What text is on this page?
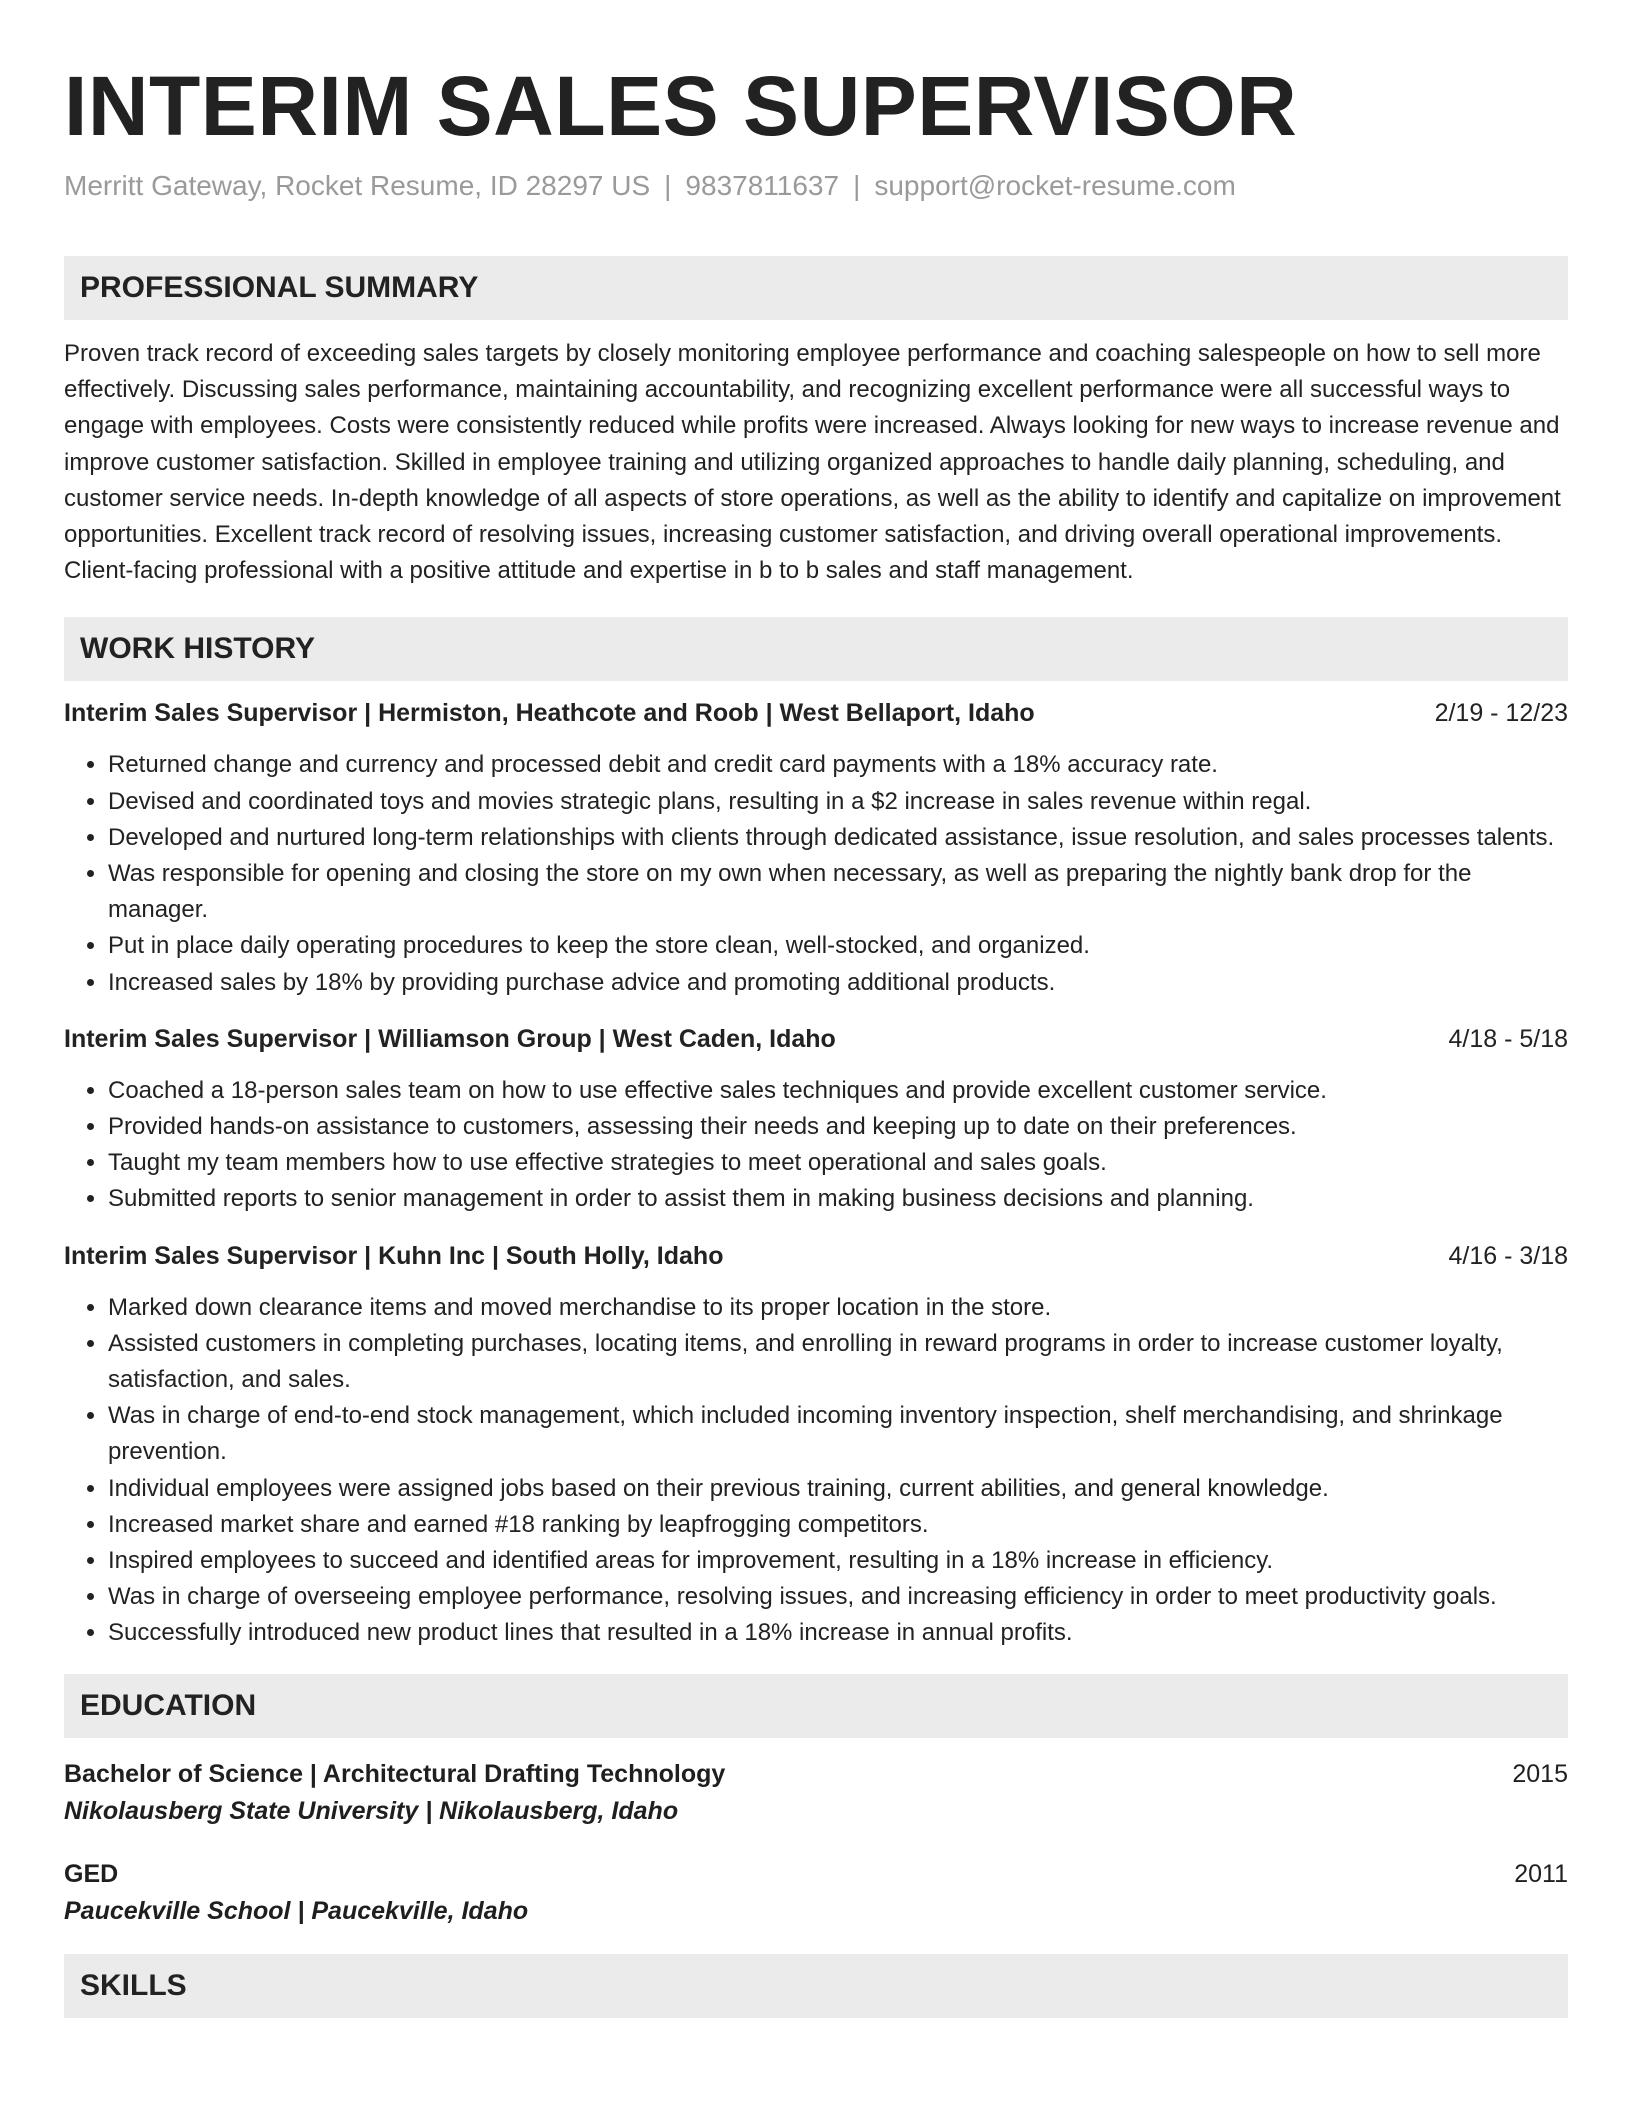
INTERIM SALES SUPERVISOR
Merritt Gateway, Rocket Resume, ID 28297 US | 9837811637 | support@rocket-resume.com
PROFESSIONAL SUMMARY
Proven track record of exceeding sales targets by closely monitoring employee performance and coaching salespeople on how to sell more effectively. Discussing sales performance, maintaining accountability, and recognizing excellent performance were all successful ways to engage with employees. Costs were consistently reduced while profits were increased. Always looking for new ways to increase revenue and improve customer satisfaction. Skilled in employee training and utilizing organized approaches to handle daily planning, scheduling, and customer service needs. In-depth knowledge of all aspects of store operations, as well as the ability to identify and capitalize on improvement opportunities. Excellent track record of resolving issues, increasing customer satisfaction, and driving overall operational improvements. Client-facing professional with a positive attitude and expertise in b to b sales and staff management.
WORK HISTORY
Interim Sales Supervisor | Hermiston, Heathcote and Roob | West Bellaport, Idaho	2/19 - 12/23
• Returned change and currency and processed debit and credit card payments with a 18% accuracy rate.
• Devised and coordinated toys and movies strategic plans, resulting in a $2 increase in sales revenue within regal.
• Developed and nurtured long-term relationships with clients through dedicated assistance, issue resolution, and sales processes talents.
• Was responsible for opening and closing the store on my own when necessary, as well as preparing the nightly bank drop for the manager.
• Put in place daily operating procedures to keep the store clean, well-stocked, and organized.
• Increased sales by 18% by providing purchase advice and promoting additional products.
Interim Sales Supervisor | Williamson Group | West Caden, Idaho	4/18 - 5/18
• Coached a 18-person sales team on how to use effective sales techniques and provide excellent customer service.
• Provided hands-on assistance to customers, assessing their needs and keeping up to date on their preferences.
• Taught my team members how to use effective strategies to meet operational and sales goals.
• Submitted reports to senior management in order to assist them in making business decisions and planning.
Interim Sales Supervisor | Kuhn Inc | South Holly, Idaho	4/16 - 3/18
• Marked down clearance items and moved merchandise to its proper location in the store.
• Assisted customers in completing purchases, locating items, and enrolling in reward programs in order to increase customer loyalty, satisfaction, and sales.
• Was in charge of end-to-end stock management, which included incoming inventory inspection, shelf merchandising, and shrinkage prevention.
• Individual employees were assigned jobs based on their previous training, current abilities, and general knowledge.
• Increased market share and earned #18 ranking by leapfrogging competitors.
• Inspired employees to succeed and identified areas for improvement, resulting in a 18% increase in efficiency.
• Was in charge of overseeing employee performance, resolving issues, and increasing efficiency in order to meet productivity goals.
• Successfully introduced new product lines that resulted in a 18% increase in annual profits.
EDUCATION
Bachelor of Science | Architectural Drafting Technology	2015
Nikolausberg State University | Nikolausberg, Idaho
GED	2011
Paucekville School | Paucekville, Idaho
SKILLS
